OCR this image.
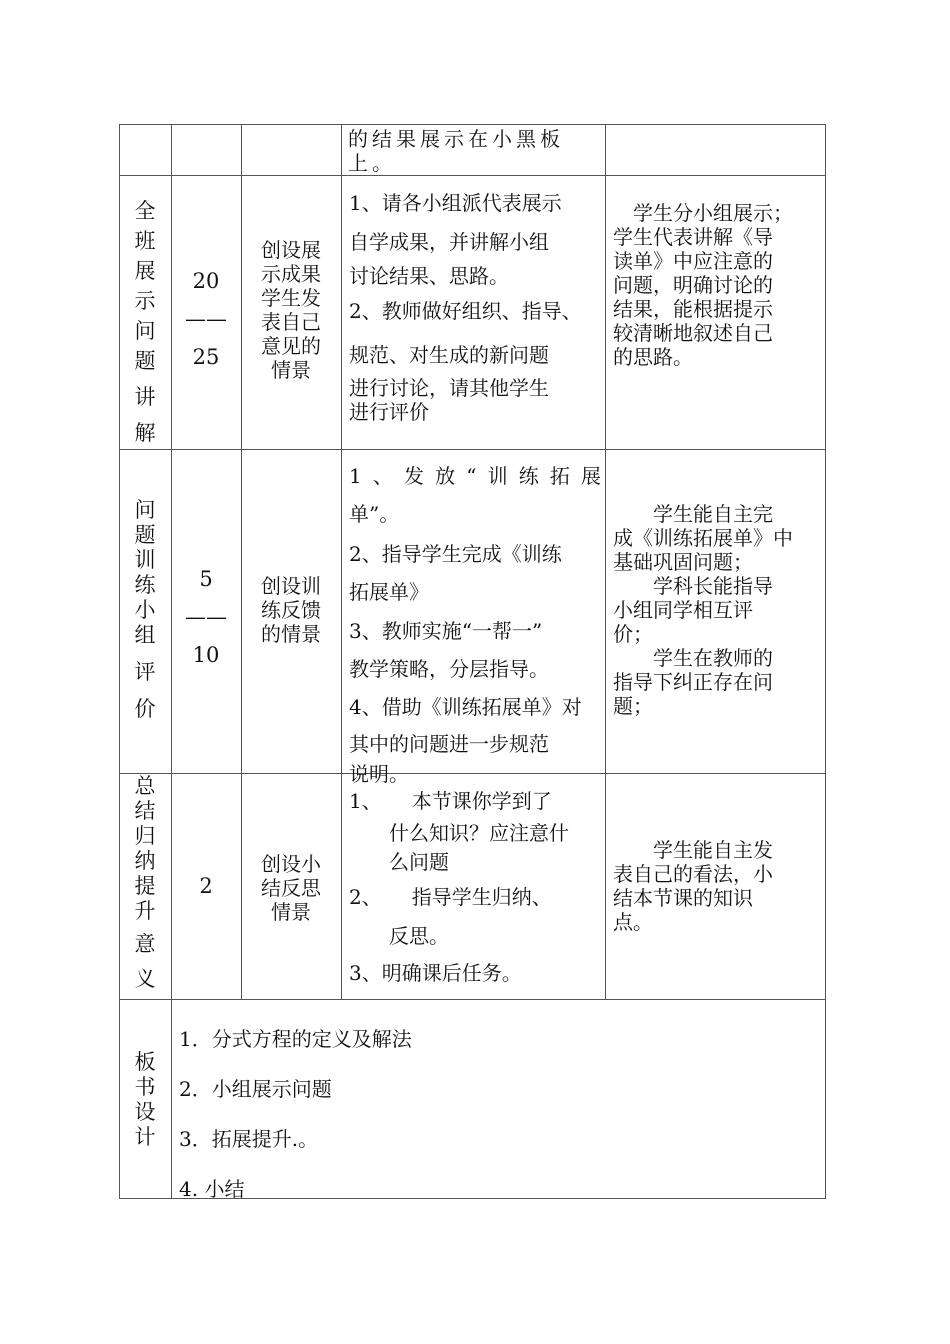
的结果展示在小黑板上。
全
班
展
示
问
题
讲
解
20
——
25
创设展
示成果
学生发
表自己
意见的
情景
1、请各小组派代表展示
自学成果，并讲解小组
讨论结果、思路。
2、教师做好组织、指导、
规范、对生成的新问题
进行讨论，请其他学生
进行评价
　学生分小组展示；
学生代表讲解《导
读单》中应注意的
问题，明确讨论的
结果，能根据提示
较清晰地叙述自己
的思路。
问
题
训
练
小
组
评
价
5
——
10
创设训
练反馈
的情景
1、发放“训练拓展
单”。
2、指导学生完成《训练
拓展单》
3、教师实施“一帮一”
教学策略，分层指导。
4、借助《训练拓展单》对
其中的问题进一步规范
说明。
　　学生能自主完
成《训练拓展单》中
基础巩固问题；
　　学科长能指导
小组同学相互评
价；
　　学生在教师的
指导下纠正存在问
题；
总
结
归
纳
提
升
意
义
2
创设小
结反思
情景
1、　　本节课你学到了
　　什么知识？应注意什
　　么问题
2、　　指导学生归纳、
　　反思。
3、明确课后任务。
　　学生能自主发
表自己的看法，小
结本节课的知识
点。
板
书
设
计
1．分式方程的定义及解法
2．小组展示问题
3．拓展提升.。
4. 小结
